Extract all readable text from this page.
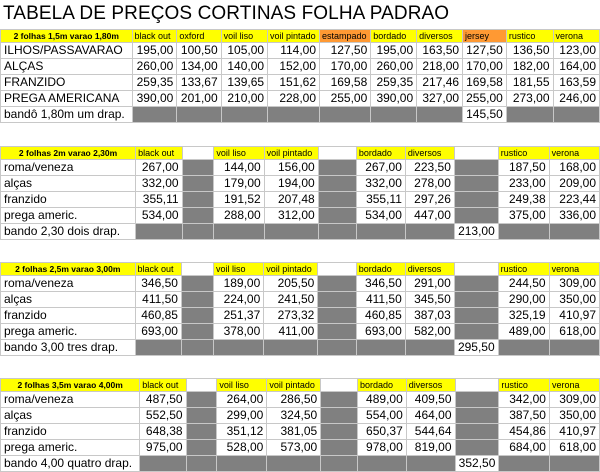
TABELA DE PREÇOS CORTINAS FOLHA PADRAO
2 folhas 1,5m varao 1,80m	black out	oxford	voil liso	voil pintado	estampado	bordado	diversos	jersey	rustico	verona
ILHOS/PASSAVARAO	195,00	100,50	105,00	114,00	127,50	195,00	163,50	127,50	136,50	123,00
ALÇAS	260,00	134,00	140,00	152,00	170,00	260,00	218,00	170,00	182,00	164,00
FRANZIDO	259,35	133,67	139,65	151,62	169,58	259,35	217,46	169,58	181,55	163,59
PREGA AMERICANA	390,00	201,00	210,00	228,00	255,00	390,00	327,00	255,00	273,00	246,00
bandô 1,80m um drap.								145,50		
2 folhas 2m varao 2,30m	black out		voil liso	voil pintado		bordado	diversos		rustico	verona
roma/veneza	267,00		144,00	156,00		267,00	223,50		187,50	168,00
alças	332,00		179,00	194,00		332,00	278,00		233,00	209,00
franzido	355,11		191,52	207,48		355,11	297,26		249,38	223,44
prega americ.	534,00		288,00	312,00		534,00	447,00		375,00	336,00
bando 2,30 dois drap.								213,00		
2 folhas 2,5m varao 3,00m	black out		voil liso	voil pintado		bordado	diversos		rustico	verona
roma/veneza	346,50		189,00	205,50		346,50	291,00		244,50	309,00
alças	411,50		224,00	241,50		411,50	345,50		290,00	350,00
franzido	460,85		251,37	273,32		460,85	387,03		325,19	410,97
prega americ.	693,00		378,00	411,00		693,00	582,00		489,00	618,00
bando 3,00 tres drap.								295,50		
2 folhas 3,5m varao 4,00m	black out		voil liso	voil pintado		bordado	diversos		rustico	verona
roma/veneza	487,50		264,00	286,50		489,00	409,50		342,00	309,00
alças	552,50		299,00	324,50		554,00	464,00		387,50	350,00
franzido	648,38		351,12	381,05		650,37	544,64		454,86	410,97
prega americ.	975,00		528,00	573,00		978,00	819,00		684,00	618,00
bando 4,00 quatro drap.								352,50		
